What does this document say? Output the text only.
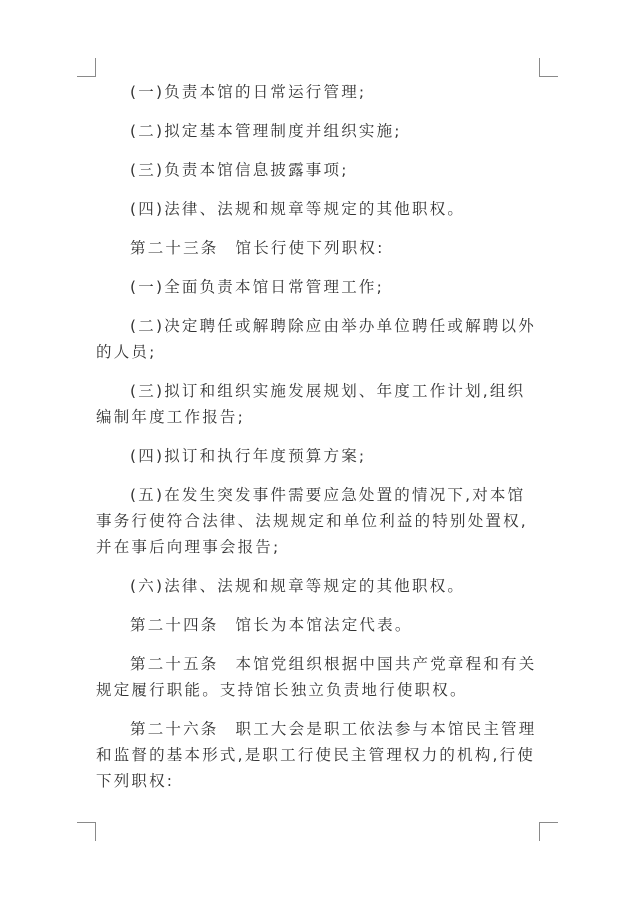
(一)负责本馆的日常运行管理;

(二)拟定基本管理制度并组织实施;

(三)负责本馆信息披露事项;

(四)法律、法规和规章等规定的其他职权。

第二十三条 馆长行使下列职权:

(一)全面负责本馆日常管理工作;

(二)决定聘任或解聘除应由举办单位聘任或解聘以外的人员;

(三)拟订和组织实施发展规划、年度工作计划,组织编制年度工作报告;

(四)拟订和执行年度预算方案;

(五)在发生突发事件需要应急处置的情况下,对本馆事务行使符合法律、法规规定和单位利益的特别处置权,并在事后向理事会报告;

(六)法律、法规和规章等规定的其他职权。

第二十四条 馆长为本馆法定代表。

第二十五条 本馆党组织根据中国共产党章程和有关规定履行职能。支持馆长独立负责地行使职权。

第二十六条 职工大会是职工依法参与本馆民主管理和监督的基本形式,是职工行使民主管理权力的机构,行使下列职权:
